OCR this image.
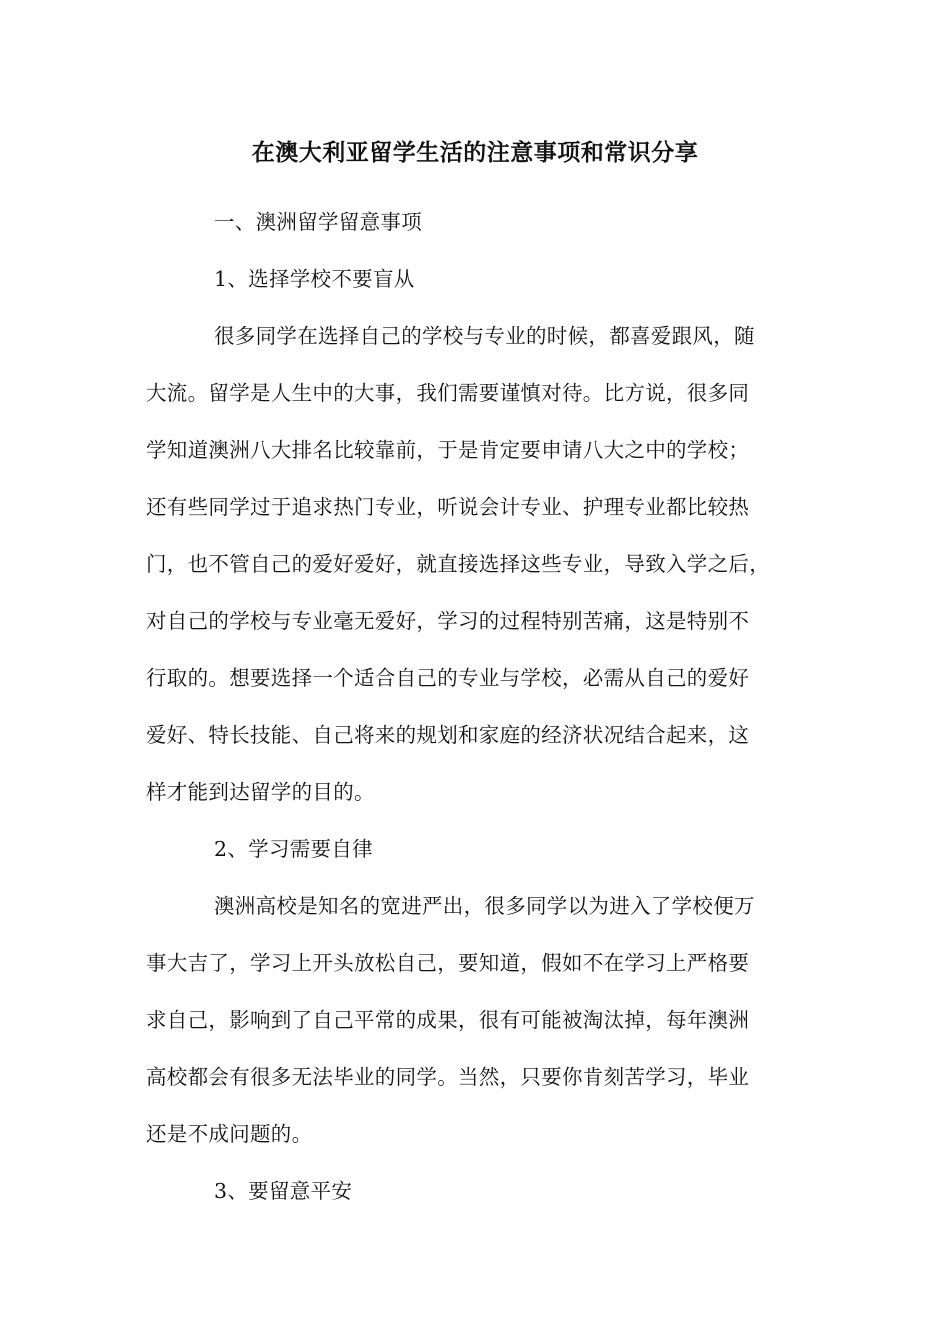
在澳大利亚留学生活的注意事项和常识分享
一、澳洲留学留意事项
1、选择学校不要盲从
很多同学在选择自己的学校与专业的时候，都喜爱跟风，随
大流。留学是人生中的大事，我们需要谨慎对待。比方说，很多同
学知道澳洲八大排名比较靠前，于是肯定要申请八大之中的学校；
还有些同学过于追求热门专业，听说会计专业、护理专业都比较热
门，也不管自己的爱好爱好，就直接选择这些专业，导致入学之后，
对自己的学校与专业毫无爱好，学习的过程特别苦痛，这是特别不
行取的。想要选择一个适合自己的专业与学校，必需从自己的爱好
爱好、特长技能、自己将来的规划和家庭的经济状况结合起来，这
样才能到达留学的目的。
2、学习需要自律
澳洲高校是知名的宽进严出，很多同学以为进入了学校便万
事大吉了，学习上开头放松自己，要知道，假如不在学习上严格要
求自己，影响到了自己平常的成果，很有可能被淘汰掉，每年澳洲
高校都会有很多无法毕业的同学。当然，只要你肯刻苦学习，毕业
还是不成问题的。
3、要留意平安
